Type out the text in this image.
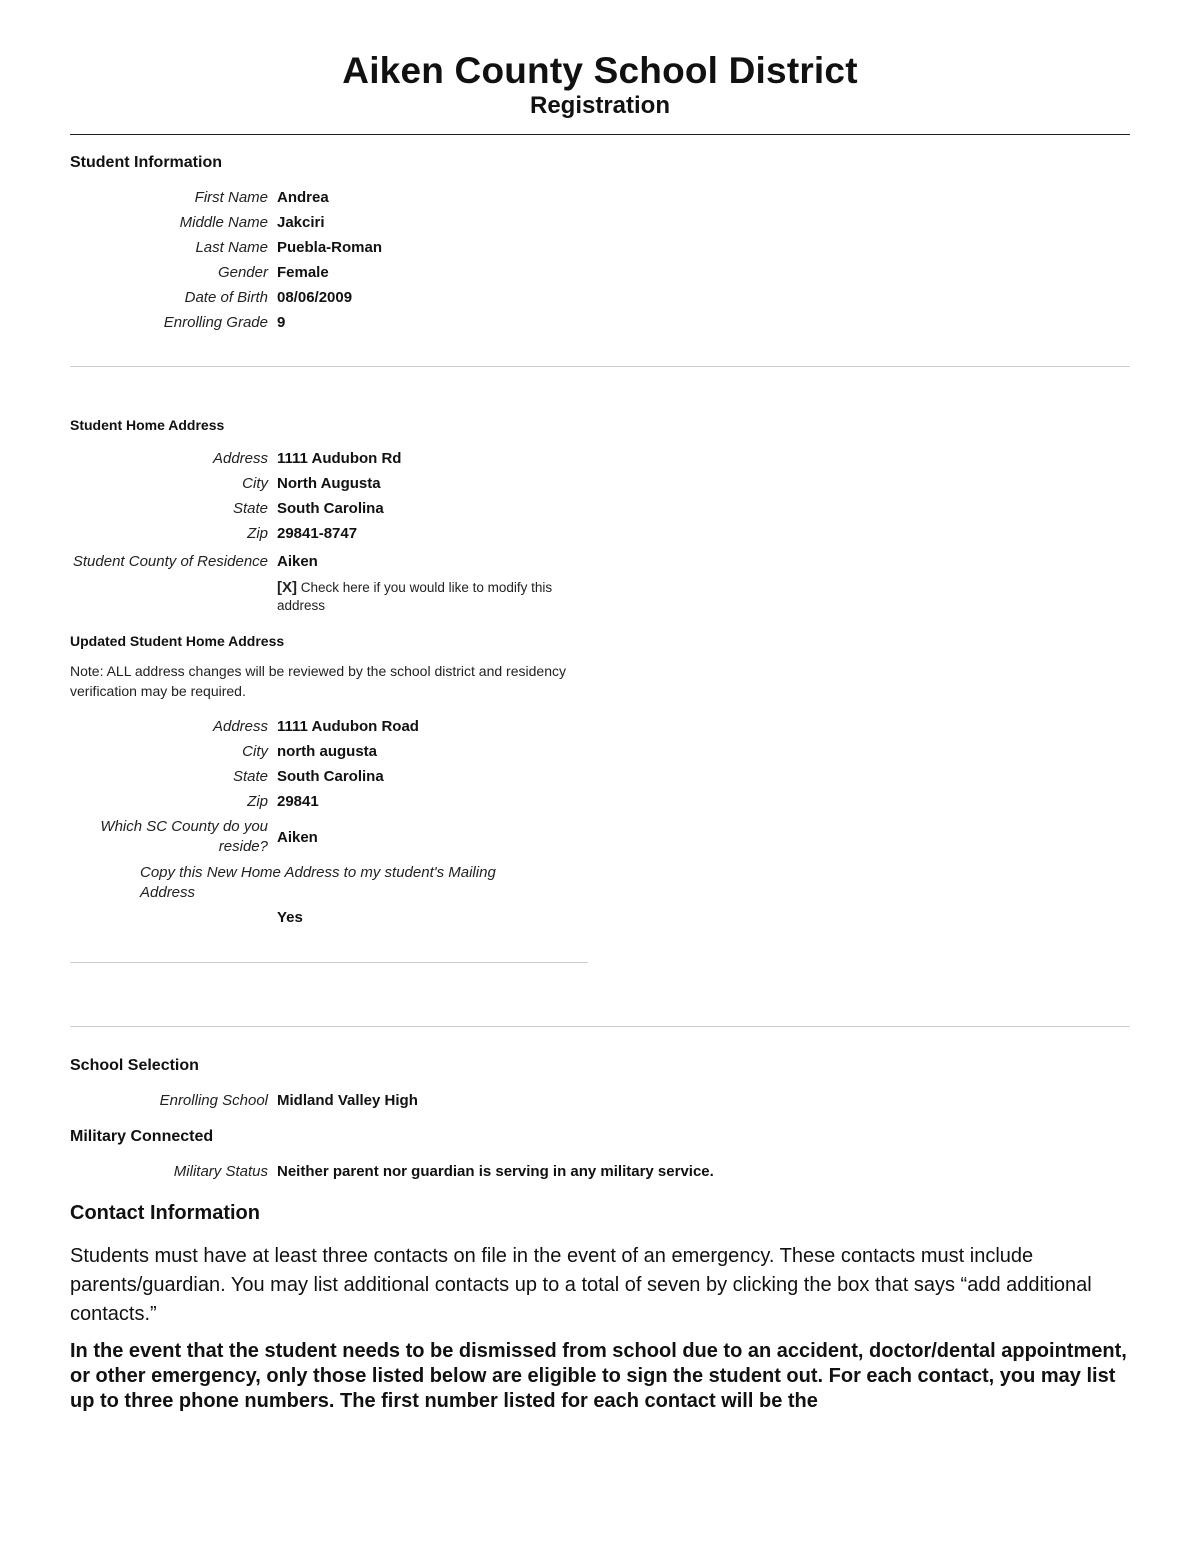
Aiken County School District
Registration
Student Information
First Name Andrea
Middle Name Jakciri
Last Name Puebla-Roman
Gender Female
Date of Birth 08/06/2009
Enrolling Grade 9
Student Home Address
Address 1111 Audubon Rd
City North Augusta
State South Carolina
Zip 29841-8747
Student County of Residence Aiken
[X] Check here if you would like to modify this address
Updated Student Home Address
Note: ALL address changes will be reviewed by the school district and residency verification may be required.
Address 1111 Audubon Road
City north augusta
State South Carolina
Zip 29841
Which SC County do you reside?
Aiken
Copy this New Home Address to my student's Mailing Address
Yes
School Selection
Enrolling School Midland Valley High
Military Connected
Military Status Neither parent nor guardian is serving in any military service.
Contact Information
Students must have at least three contacts on file in the event of an emergency. These contacts must include parents/guardian. You may list additional contacts up to a total of seven by clicking the box that says “add additional contacts.”
In the event that the student needs to be dismissed from school due to an accident, doctor/dental appointment, or other emergency, only those listed below are eligible to sign the student out. For each contact, you may list up to three phone numbers. The first number listed for each contact will be the
